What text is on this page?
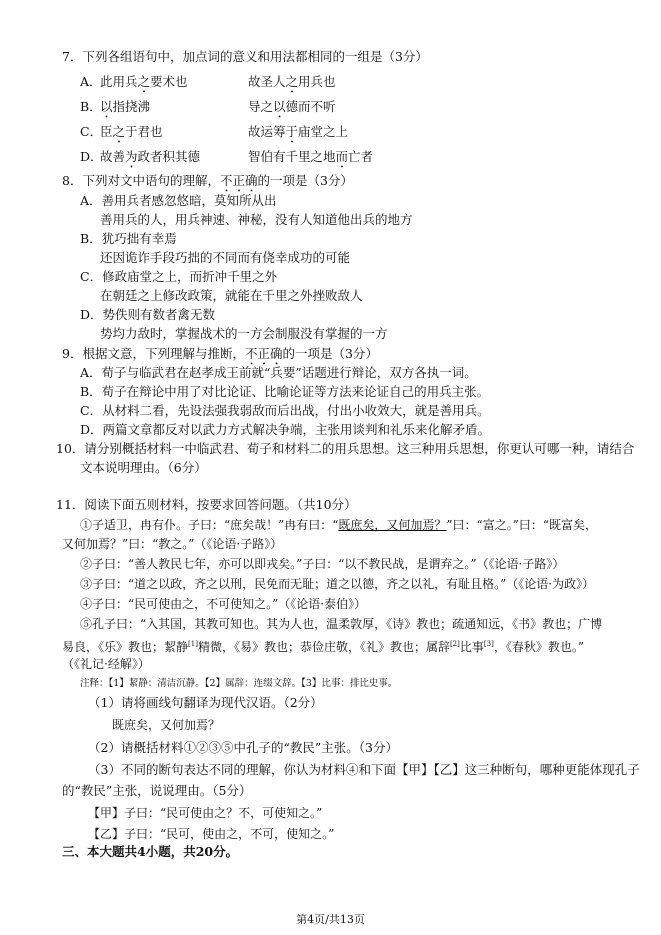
7．下列各组语句中，加点词的意义和用法都相同的一组是（3分）
A．
此用兵之要术也	故圣人之用兵也
B．
以指挠沸	导之以德而不听
C．
臣之于君也	故运筹于庙堂之上
D．
故善为政者积其德	智伯有千里之地而亡者
8．下列对文中语句的理解，不正确的一项是（3分）
A．善用兵者感忽悠暗，莫知所从出
善用兵的人，用兵神速、神秘，没有人知道他出兵的地方
B．犹巧拙有幸焉
还因诡诈手段巧拙的不同而有侥幸成功的可能
C．修政庙堂之上，而折冲千里之外
在朝廷之上修改政策，就能在千里之外挫败敌人
D．势佚则有数者禽无数
势均力敌时，掌握战术的一方会制服没有掌握的一方
9．根据文意，下列理解与推断，不正确的一项是（3分）
A．荀子与临武君在赵孝成王前就“兵要”话题进行辩论，双方各执一词。
B．荀子在辩论中用了对比论证、比喻论证等方法来论证自己的用兵主张。
C．从材料二看，先设法强我弱敌而后出战，付出小收效大，就是善用兵。
D．两篇文章都反对以武力方式解决争端，主张用谈判和礼乐来化解矛盾。
10．请分别概括材料一中临武君、荀子和材料二的用兵思想。这三种用兵思想，你更认可哪一种，请结合
文本说明理由。（6分）
11．阅读下面五则材料，按要求回答问题。（共10分）
①子适卫，冉有仆。子曰：“庶矣哉！”冉有曰：“既庶矣，又何加焉？”曰：“富之。”曰：“既富矣，
又何加焉？”曰：“教之。”（《论语·子路》）
②子曰：“善人教民七年，亦可以即戎矣。”子曰：“以不教民战，是谓弃之。”（《论语·子路》）
③子曰：“道之以政，齐之以刑，民免而无耻；道之以德，齐之以礼，有耻且格。”（《论语·为政》）
④子曰：“民可使由之，不可使知之。”（《论语·泰伯》）
⑤孔子曰：“入其国，其教可知也。其为人也，温柔敦厚，《诗》教也；疏通知远，《书》教也；广博
易良，《乐》教也；絜静[1]精微，《易》教也；恭俭庄敬，《礼》教也；属辞[2]比事[3]，《春秋》教也。”
（《礼记·经解》）
注释：【1】絜静：清洁沉静。【2】属辞：连缀文辞。【3】比事：排比史事。
（1）请将画线句翻译为现代汉语。（2分）
既庶矣，又何加焉？
（2）请概括材料①②③⑤中孔子的“教民”主张。（3分）
（3）不同的断句表达不同的理解，你认为材料④和下面【甲】【乙】这三种断句，哪种更能体现孔子
的“教民”主张，说说理由。（5分）
【甲】子曰：“民可使由之？不，可使知之。”
【乙】子曰：“民可，使由之，不可，使知之。”
三、本大题共4小题，共20分。
第4页/共13页
